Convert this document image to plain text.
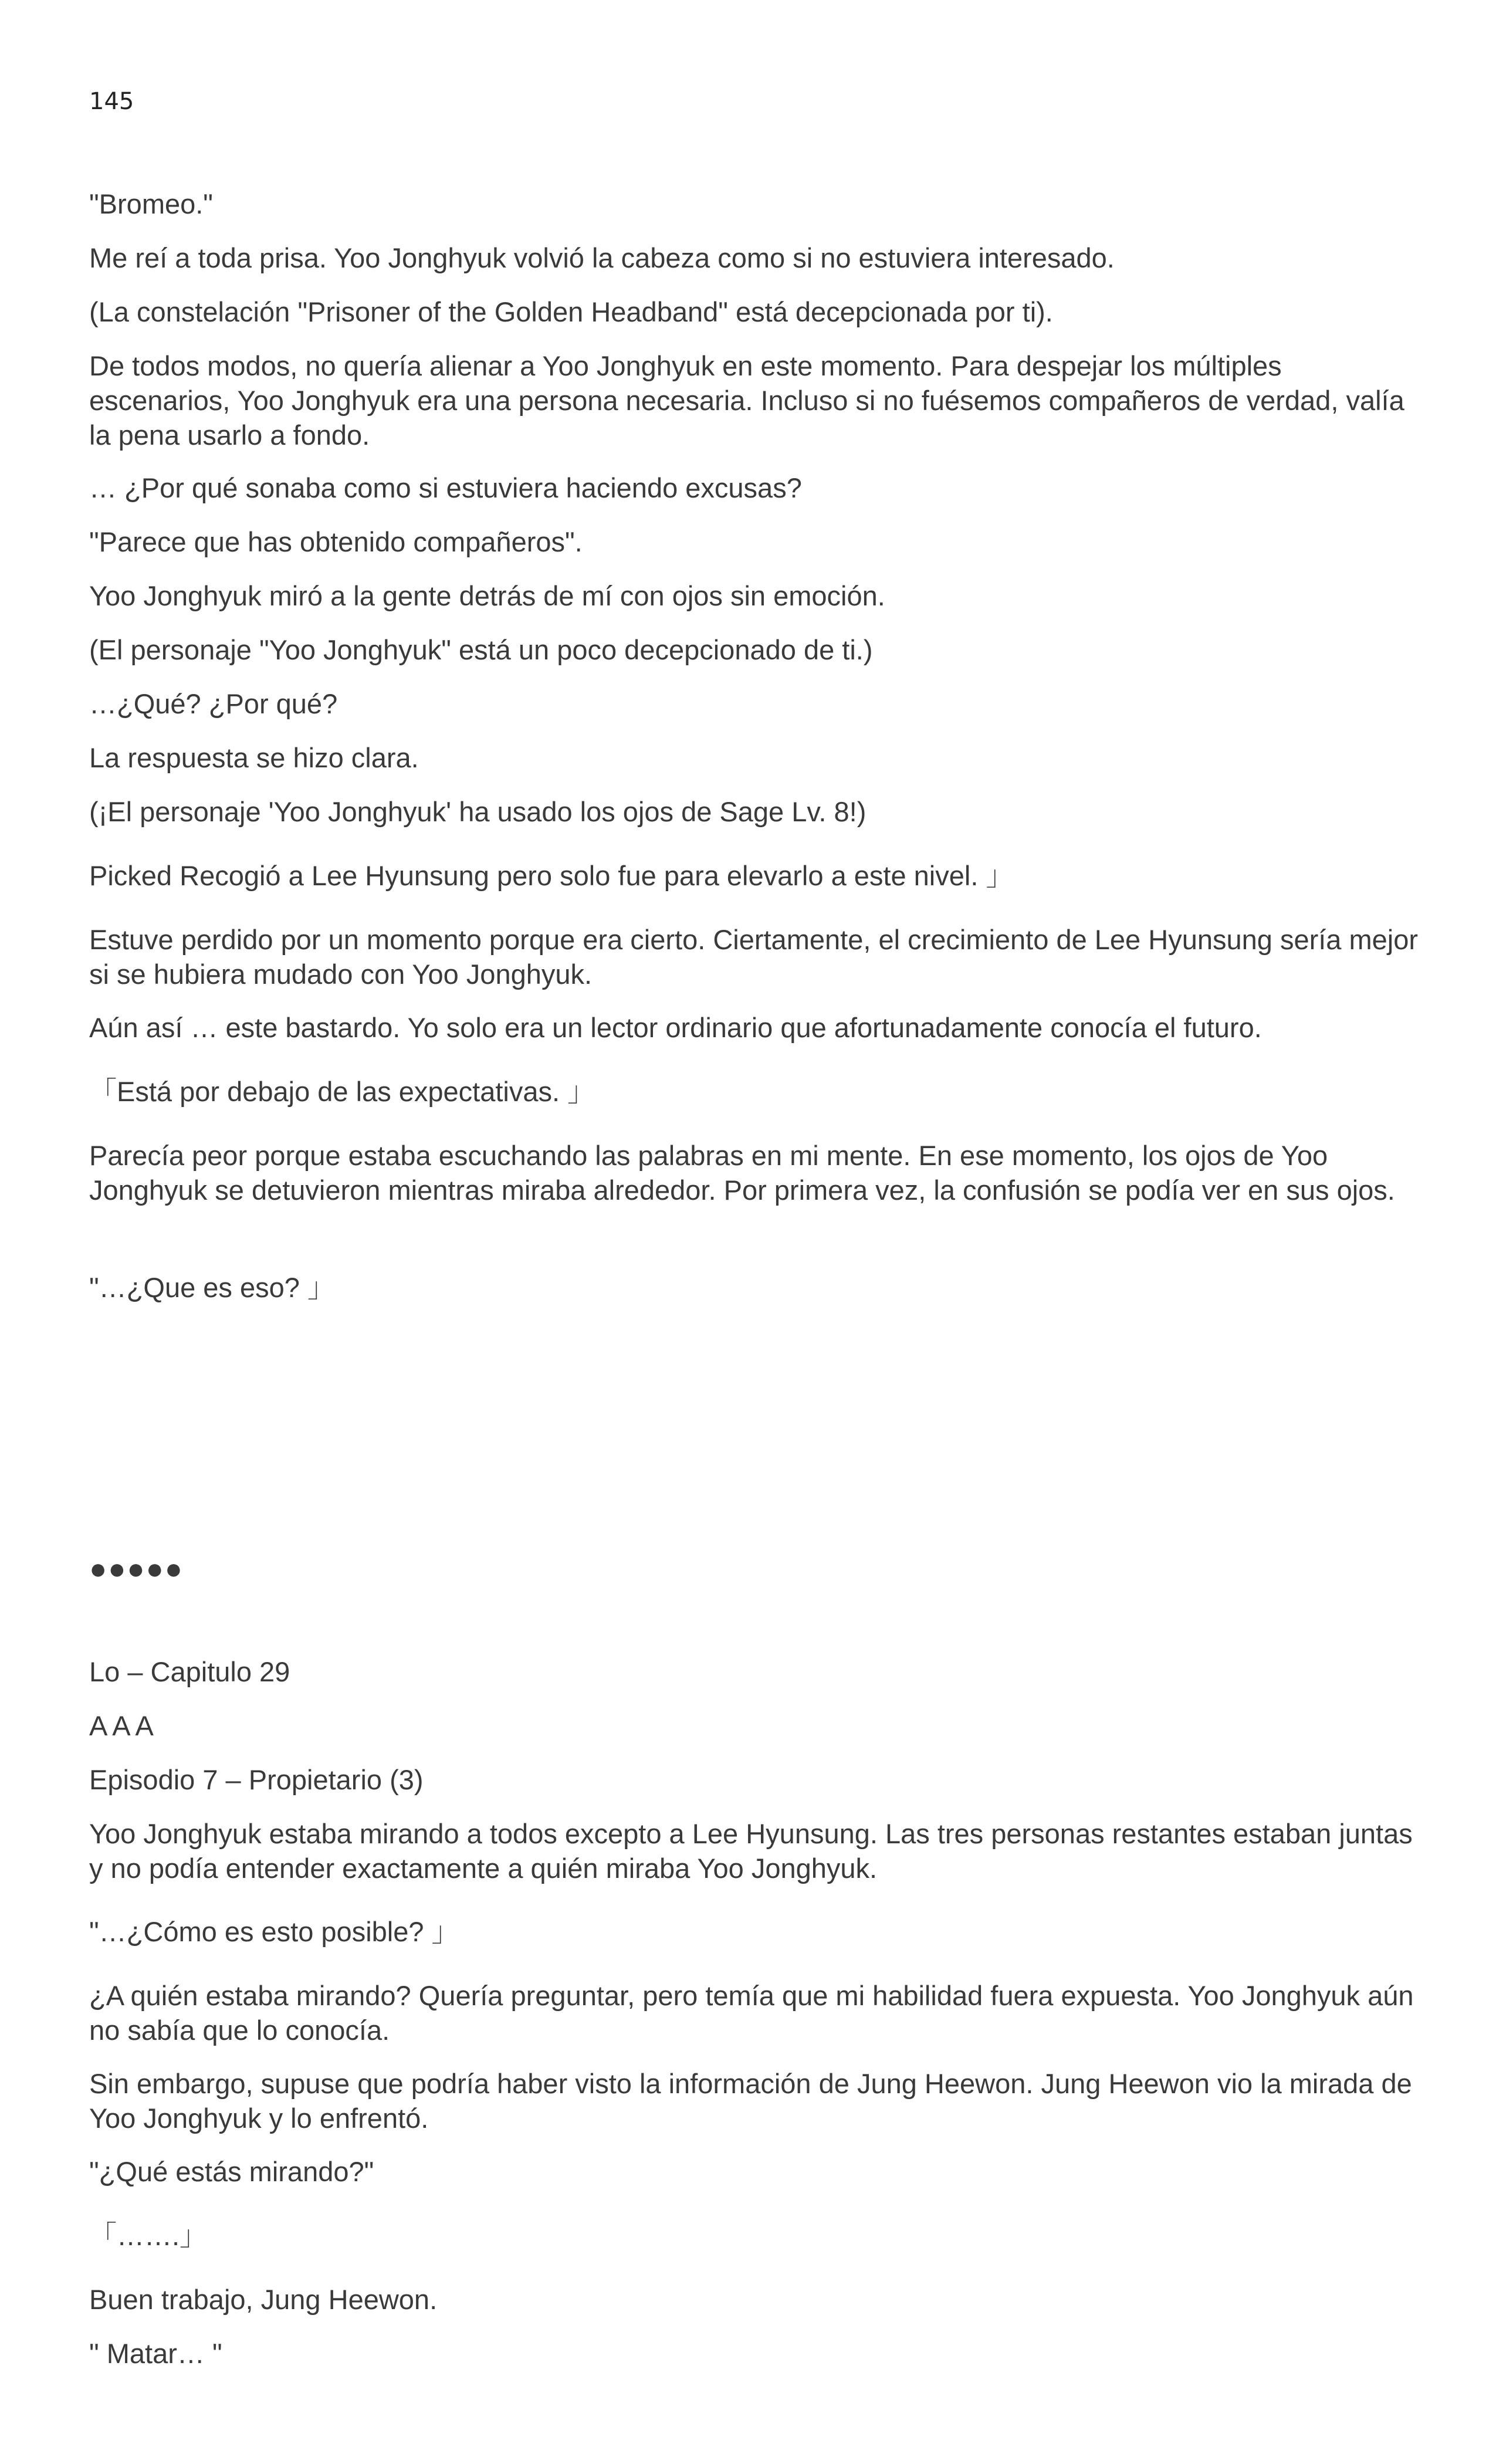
145

"Bromeo."

Me reí a toda prisa. Yoo Jonghyuk volvió la cabeza como si no estuviera interesado.

(La constelación "Prisoner of the Golden Headband" está decepcionada por ti).

De todos modos, no quería alienar a Yoo Jonghyuk en este momento. Para despejar los múltiples escenarios, Yoo Jonghyuk era una persona necesaria. Incluso si no fuésemos compañeros de verdad, valía la pena usarlo a fondo.

… ¿Por qué sonaba como si estuviera haciendo excusas?

"Parece que has obtenido compañeros".

Yoo Jonghyuk miró a la gente detrás de mí con ojos sin emoción.

(El personaje "Yoo Jonghyuk" está un poco decepcionado de ti.)

…¿Qué? ¿Por qué?

La respuesta se hizo clara.

(¡El personaje 'Yoo Jonghyuk' ha usado los ojos de Sage Lv. 8!)

Picked Recogió a Lee Hyunsung pero solo fue para elevarlo a este nivel. 」

Estuve perdido por un momento porque era cierto. Ciertamente, el crecimiento de Lee Hyunsung sería mejor si se hubiera mudado con Yoo Jonghyuk.

Aún así … este bastardo. Yo solo era un lector ordinario que afortunadamente conocía el futuro.

「Está por debajo de las expectativas. 」

Parecía peor porque estaba escuchando las palabras en mi mente. En ese momento, los ojos de Yoo Jonghyuk se detuvieron mientras miraba alrededor. Por primera vez, la confusión se podía ver en sus ojos.

"…¿Que es eso? 」

●●●●●

Lo – Capitulo 29

A A A

Episodio 7 – Propietario (3)

Yoo Jonghyuk estaba mirando a todos excepto a Lee Hyunsung. Las tres personas restantes estaban juntas y no podía entender exactamente a quién miraba Yoo Jonghyuk.

"…¿Cómo es esto posible? 」

¿A quién estaba mirando? Quería preguntar, pero temía que mi habilidad fuera expuesta. Yoo Jonghyuk aún no sabía que lo conocía.

Sin embargo, supuse que podría haber visto la información de Jung Heewon. Jung Heewon vio la mirada de Yoo Jonghyuk y lo enfrentó.

"¿Qué estás mirando?"

「…….」

Buen trabajo, Jung Heewon.

" Matar… "
